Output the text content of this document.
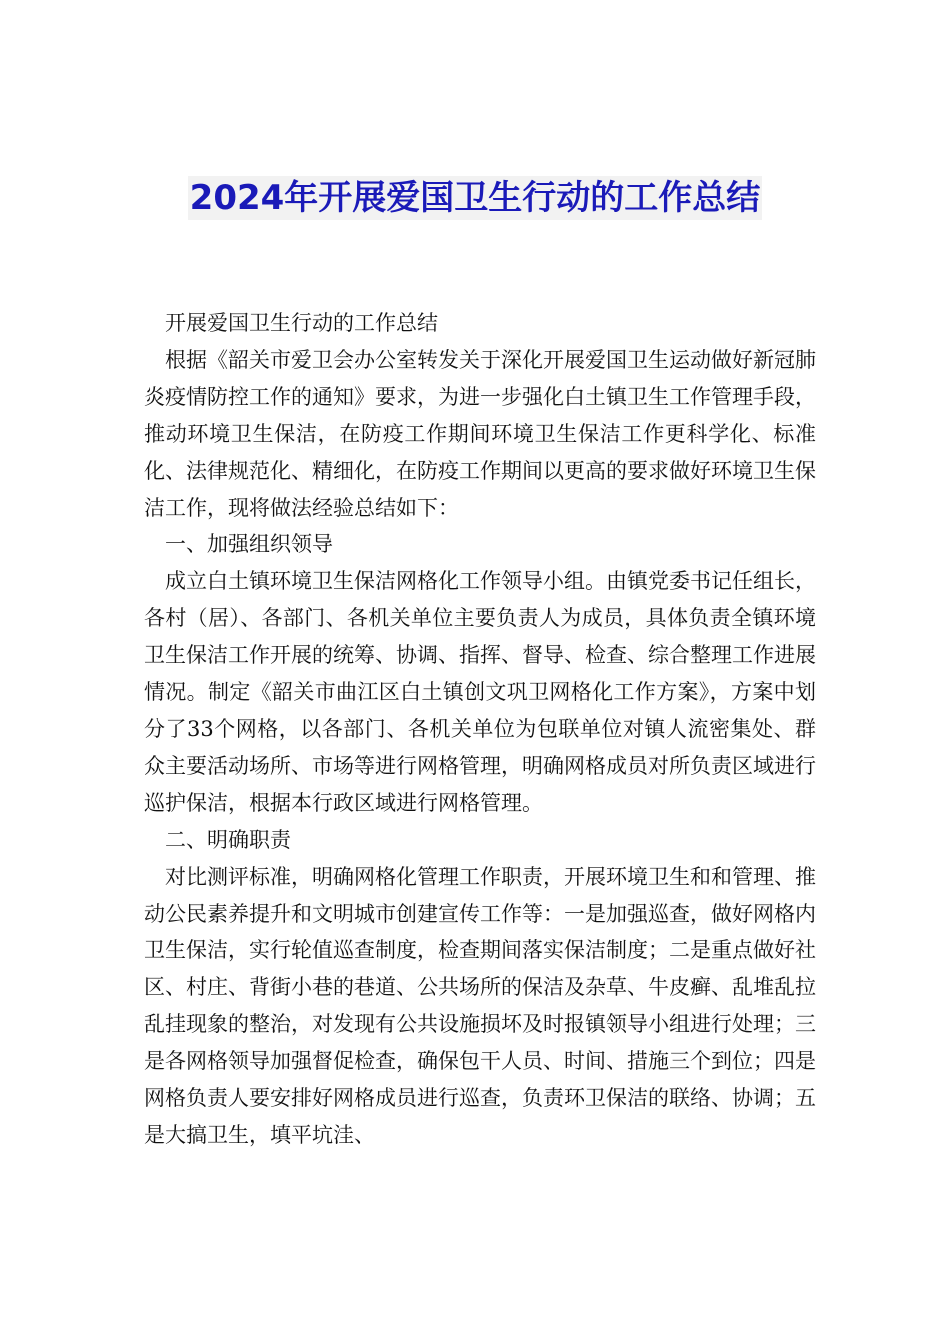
2024年开展爱国卫生行动的工作总结

开展爱国卫生行动的工作总结

根据《韶关市爱卫会办公室转发关于深化开展爱国卫生运动做好新冠肺炎疫情防控工作的通知》要求，为进一步强化白土镇卫生工作管理手段，推动环境卫生保洁，在防疫工作期间环境卫生保洁工作更科学化、标准化、法律规范化、精细化，在防疫工作期间以更高的要求做好环境卫生保洁工作，现将做法经验总结如下：

一、加强组织领导

成立白土镇环境卫生保洁网格化工作领导小组。由镇党委书记任组长，各村（居）、各部门、各机关单位主要负责人为成员，具体负责全镇环境卫生保洁工作开展的统筹、协调、指挥、督导、检查、综合整理工作进展情况。制定《韶关市曲江区白土镇创文巩卫网格化工作方案》，方案中划分了33个网格，以各部门、各机关单位为包联单位对镇人流密集处、群众主要活动场所、市场等进行网格管理，明确网格成员对所负责区域进行巡护保洁，根据本行政区域进行网格管理。

二、明确职责

对比测评标准，明确网格化管理工作职责，开展环境卫生和和管理、推动公民素养提升和文明城市创建宣传工作等：一是加强巡查，做好网格内卫生保洁，实行轮值巡查制度，检查期间落实保洁制度；二是重点做好社区、村庄、背街小巷的巷道、公共场所的保洁及杂草、牛皮癣、乱堆乱拉乱挂现象的整治，对发现有公共设施损坏及时报镇领导小组进行处理；三是各网格领导加强督促检查，确保包干人员、时间、措施三个到位；四是网格负责人要安排好网格成员进行巡查，负责环卫保洁的联络、协调；五是大搞卫生，填平坑洼、
